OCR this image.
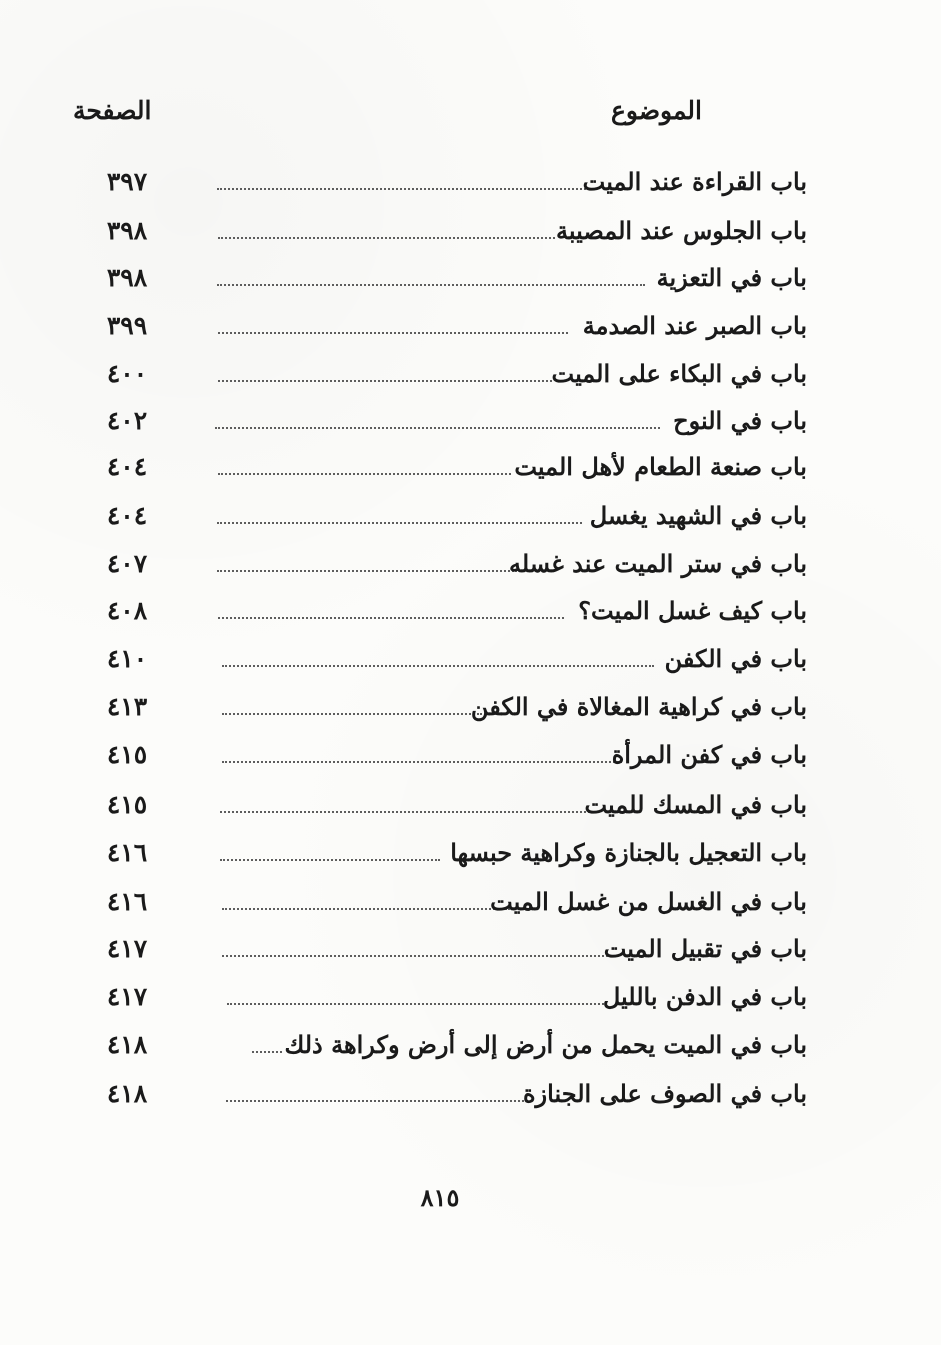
الصفحة	الموضوع
٣٩٧	باب القراءة عند الميت
٣٩٨	باب الجلوس عند المصيبة
٣٩٨	باب في التعزية
٣٩٩	باب الصبر عند الصدمة
٤٠٠	باب في البكاء على الميت
٤٠٢	باب في النوح
٤٠٤	باب صنعة الطعام لأهل الميت
٤٠٤	باب في الشهيد يغسل
٤٠٧	باب في ستر الميت عند غسله
٤٠٨	باب كيف غسل الميت؟
٤١٠	باب في الكفن
٤١٣	باب في كراهية المغالاة في الكفن
٤١٥	باب في كفن المرأة
٤١٥	باب في المسك للميت
٤١٦	باب التعجيل بالجنازة وكراهية حبسها
٤١٦	باب في الغسل من غسل الميت
٤١٧	باب في تقبيل الميت
٤١٧	باب في الدفن بالليل
٤١٨	باب في الميت يحمل من أرض إلى أرض وكراهة ذلك
٤١٨	باب في الصوف على الجنازة
٨١٥
